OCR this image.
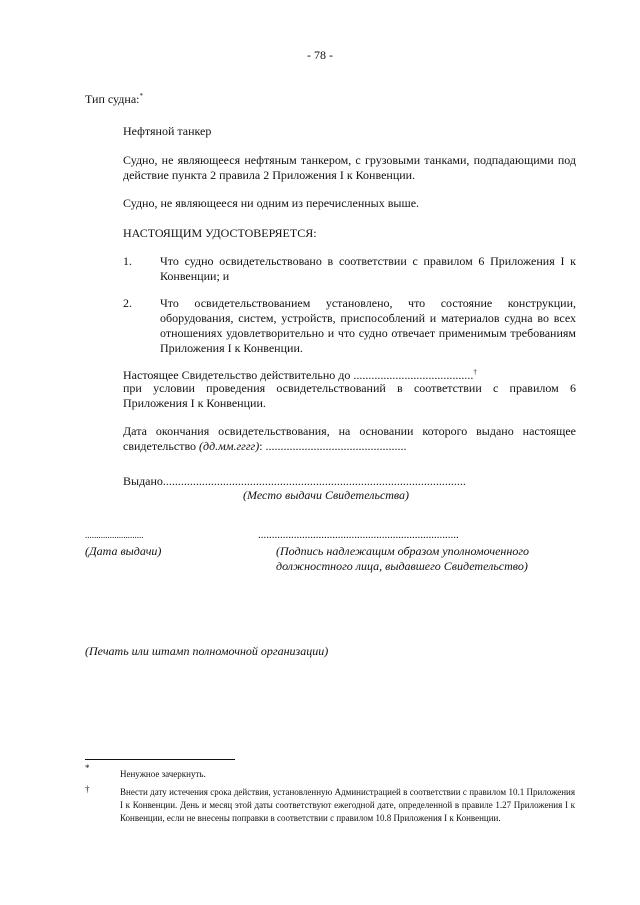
- 78 -
Тип судна:*
Нефтяной танкер
Судно, не являющееся нефтяным танкером, с грузовыми танками, подпадающими под действие пункта 2 правила 2 Приложения I к Конвенции.
Судно, не являющееся ни одним из перечисленных выше.
НАСТОЯЩИМ УДОСТОВЕРЯЕТСЯ:
1. Что судно освидетельствовано в соответствии с правилом 6 Приложения I к Конвенции; и
2. Что освидетельствованием установлено, что состояние конструкции, оборудования, систем, устройств, приспособлений и материалов судна во всех отношениях удовлетворительно и что судно отвечает применимым требованиям Приложения I к Конвенции.
Настоящее Свидетельство действительно до ........................................†
при условии проведения освидетельствований в соответствии с правилом 6 Приложения I к Конвенции.
Дата окончания освидетельствования, на основании которого выдано настоящее свидетельство (дд.мм.гггг): ...............................................
Выдано.....................................................................................................
(Место выдачи Свидетельства)
..........................
(Дата выдачи)
.........................................................................
(Подпись надлежащим образом уполномоченного
должностного лица, выдавшего Свидетельство)
(Печать или штамп полномочной организации)
*
Ненужное зачеркнуть.
†	Внести дату истечения срока действия, установленную Администрацией в соответствии с правилом 10.1 Приложения I к Конвенции. День и месяц этой даты соответствуют ежегодной дате, определенной в правиле 1.27 Приложения I к Конвенции, если не внесены поправки в соответствии с правилом 10.8 Приложения I к Конвенции.
